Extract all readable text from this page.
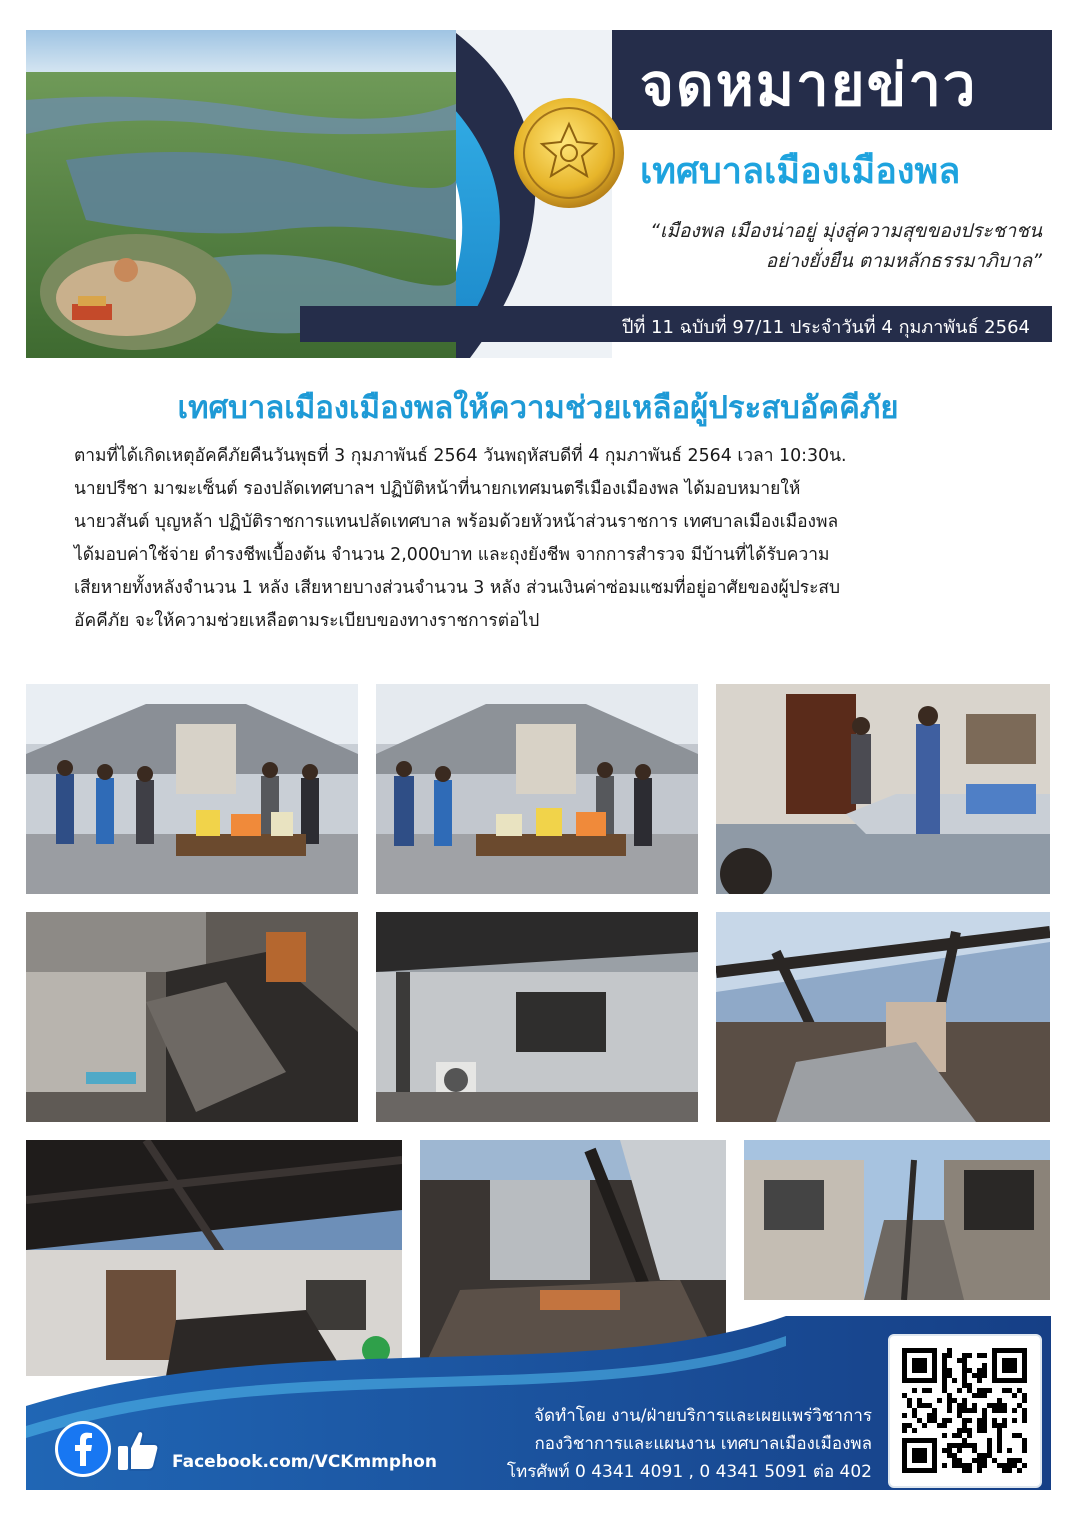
จดหมายข่าว
เทศบาลเมืองเมืองพล
“เมืองพล เมืองน่าอยู่ มุ่งสู่ความสุขของประชาชน
อย่างยั่งยืน ตามหลักธรรมาภิบาล”
ปีที่ 11 ฉบับที่ 97/11 ประจำวันที่ 4 กุมภาพันธ์ 2564
เทศบาลเมืองเมืองพลให้ความช่วยเหลือผู้ประสบอัคคีภัย

ตามที่ได้เกิดเหตุอัคคีภัยคืนวันพุธที่ 3 กุมภาพันธ์ 2564 วันพฤหัสบดีที่ 4 กุมภาพันธ์ 2564 เวลา 10:30น.

นายปรีชา มาฆะเซ็นต์ รองปลัดเทศบาลฯ ปฏิบัติหน้าที่นายกเทศมนตรีเมืองเมืองพล ได้มอบหมายให้

นายวสันต์ บุญหล้า ปฏิบัติราชการแทนปลัดเทศบาล พร้อมด้วยหัวหน้าส่วนราชการ เทศบาลเมืองเมืองพล

ได้มอบค่าใช้จ่าย ดำรงชีพเบื้องต้น จำนวน 2,000บาท และถุงยังชีพ จากการสำรวจ มีบ้านที่ได้รับความ

เสียหายทั้งหลังจำนวน 1 หลัง เสียหายบางส่วนจำนวน 3 หลัง ส่วนเงินค่าซ่อมแซมที่อยู่อาศัยของผู้ประสบ

อัคคีภัย จะให้ความช่วยเหลือตามระเบียบของทางราชการต่อไป

Facebook.com/VCKmmphon
จัดทำโดย งาน/ฝ่ายบริการและเผยแพร่วิชาการ
กองวิชาการและแผนงาน เทศบาลเมืองเมืองพล
โทรศัพท์ 0 4341 4091 , 0 4341 5091 ต่อ 402
